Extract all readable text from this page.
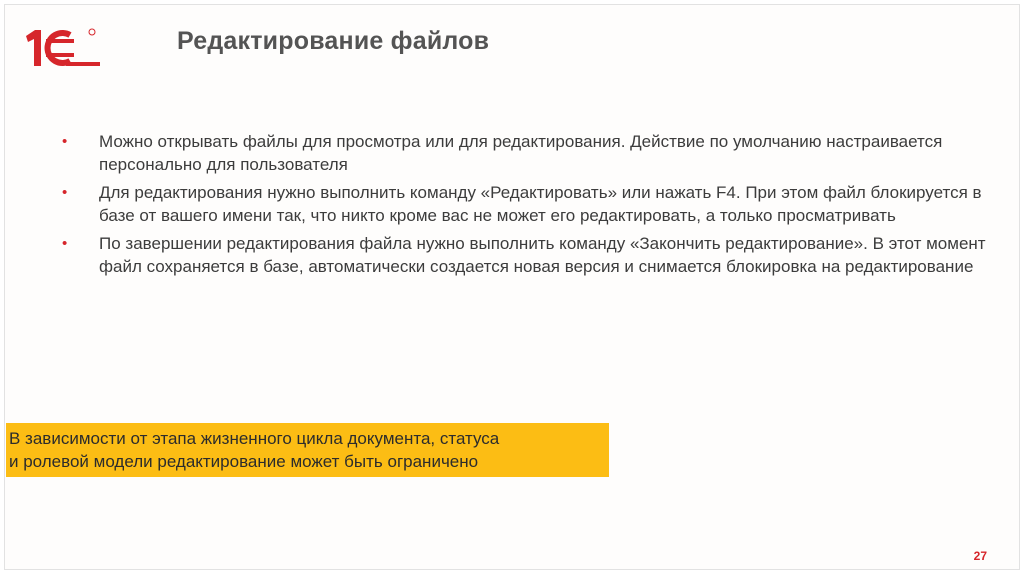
Редактирование файлов
• Можно открывать файлы для просмотра или для редактирования. Действие по умолчанию настраивается персонально для пользователя
• Для редактирования нужно выполнить команду «Редактировать» или нажать F4. При этом файл блокируется в базе от вашего имени так, что никто кроме вас не может его редактировать, а только просматривать
• По завершении редактирования файла нужно выполнить команду «Закончить редактирование». В этот момент файл сохраняется в базе, автоматически создается новая версия и снимается блокировка на редактирование
В зависимости от этапа жизненного цикла документа, статуса
и ролевой модели редактирование может быть ограничено
27
